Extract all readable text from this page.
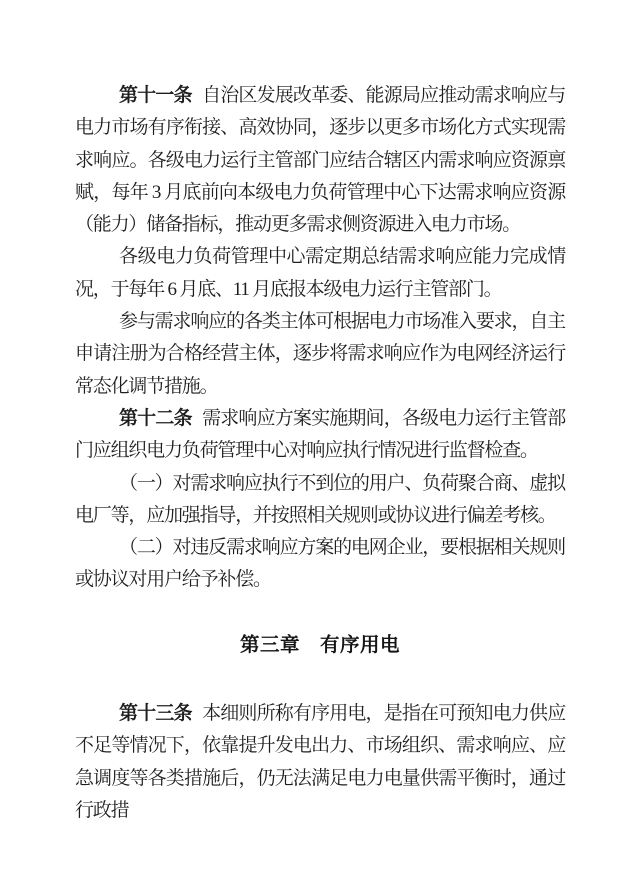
第十一条 自治区发展改革委、能源局应推动需求响应与电力市场有序衔接、高效协同，逐步以更多市场化方式实现需求响应。各级电力运行主管部门应结合辖区内需求响应资源禀赋，每年 3 月底前向本级电力负荷管理中心下达需求响应资源（能力）储备指标，推动更多需求侧资源进入电力市场。

各级电力负荷管理中心需定期总结需求响应能力完成情况，于每年 6 月底、11 月底报本级电力运行主管部门。

参与需求响应的各类主体可根据电力市场准入要求，自主申请注册为合格经营主体，逐步将需求响应作为电网经济运行常态化调节措施。

第十二条 需求响应方案实施期间，各级电力运行主管部门应组织电力负荷管理中心对响应执行情况进行监督检查。

（一）对需求响应执行不到位的用户、负荷聚合商、虚拟电厂等，应加强指导，并按照相关规则或协议进行偏差考核。

（二）对违反需求响应方案的电网企业，要根据相关规则或协议对用户给予补偿。

第三章　有序用电

第十三条 本细则所称有序用电，是指在可预知电力供应不足等情况下，依靠提升发电出力、市场组织、需求响应、应急调度等各类措施后，仍无法满足电力电量供需平衡时，通过行政措
